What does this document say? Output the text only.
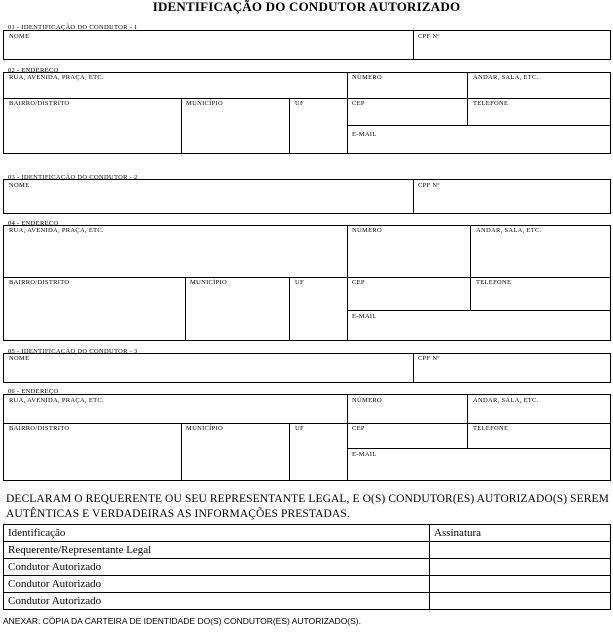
IDENTIFICAÇÃO DO CONDUTOR AUTORIZADO
01 - IDENTIFICAÇÃO DO CONDUTOR - 1
NOME	CPF Nº
02 - ENDEREÇO
RUA, AVENIDA, PRAÇA, ETC.	NÚMERO	ANDAR, SALA, ETC.
BAIRRO/DISTRITO	MUNICÍPIO	UF	CEP	TELEFONE
E-MAIL
03 - IDENTIFICAÇÃO DO CONDUTOR - 2
NOME	CPF Nº
04 - ENDEREÇO
RUA, AVENIDA, PRAÇA, ETC.	NÚMERO	ANDAR, SALA, ETC.
BAIRRO/DISTRITO	MUNICÍPIO	UF	CEP	TELEFONE
E-MAIL
05 - IDENTIFICAÇÃO DO CONDUTOR - 3
NOME	CPF Nº
06 - ENDEREÇO
RUA, AVENIDA, PRAÇA, ETC.	NÚMERO	ANDAR, SALA, ETC.
BAIRRO/DISTRITO	MUNICÍPIO	UF	CEP	TELEFONE
E-MAIL
DECLARAM O REQUERENTE OU SEU REPRESENTANTE LEGAL, E O(S) CONDUTOR(ES) AUTORIZADO(S) SEREM AUTÊNTICAS E VERDADEIRAS AS INFORMAÇÕES PRESTADAS.
Identificação	Assinatura
Requerente/Representante Legal	
Condutor Autorizado	
Condutor Autorizado	
Condutor Autorizado	
ANEXAR: CÓPIA DA CARTEIRA DE IDENTIDADE DO(S) CONDUTOR(ES) AUTORIZADO(S).
